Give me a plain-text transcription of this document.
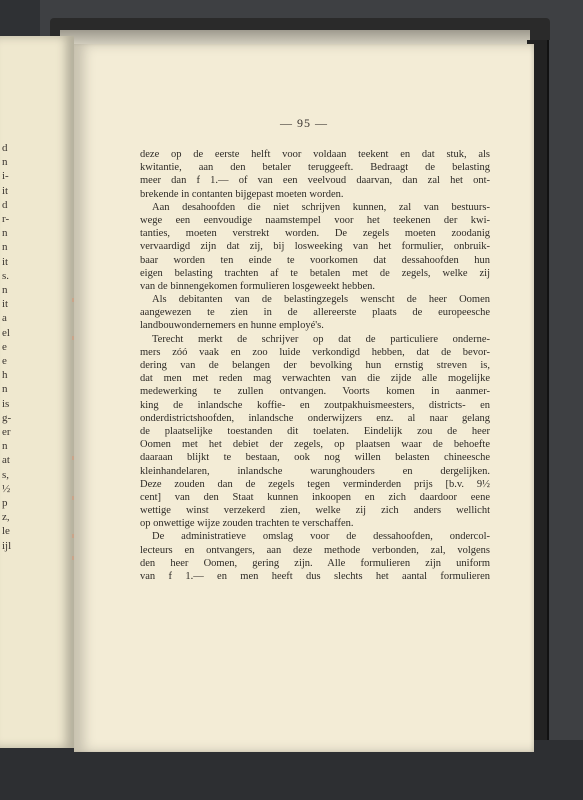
d
n
i-
it
d
r-
n
n
it
s.
n
it
a
el
e
e
h
n
is
g-
er
n
at
s,
½
p
z,
le
ijl
— 95 —
deze op de eerste helft voor voldaan teekent en dat stuk, als
kwitantie, aan den betaler teruggeeft. Bedraagt de belasting
meer dan f 1.— of van een veelvoud daarvan, dan zal het ont-
brekende in contanten bijgepast moeten worden.
Aan desahoofden die niet schrijven kunnen, zal van bestuurs-
wege een eenvoudige naamstempel voor het teekenen der kwi-
tanties, moeten verstrekt worden. De zegels moeten zoodanig
vervaardigd zijn dat zij, bij losweeking van het formulier, onbruik-
baar worden ten einde te voorkomen dat dessahoofden hun
eigen belasting trachten af te betalen met de zegels, welke zij
van de binnengekomen formulieren losgeweekt hebben.
Als debitanten van de belastingzegels wenscht de heer Oomen
aangewezen te zien in de allereerste plaats de europeesche
landbouwondernemers en hunne employé's.
Terecht merkt de schrijver op dat de particuliere onderne-
mers zóó vaak en zoo luide verkondigd hebben, dat de bevor-
dering van de belangen der bevolking hun ernstig streven is,
dat men met reden mag verwachten van die zijde alle mogelijke
medewerking te zullen ontvangen. Voorts komen in aanmer-
king de inlandsche koffie- en zoutpakhuismeesters, districts- en
onderdistrictshoofden, inlandsche onderwijzers enz. al naar gelang
de plaatselijke toestanden dit toelaten. Eindelijk zou de heer
Oomen met het debiet der zegels, op plaatsen waar de behoefte
daaraan blijkt te bestaan, ook nog willen belasten chineesche
kleinhandelaren, inlandsche warunghouders en dergelijken.
Deze zouden dan de zegels tegen verminderden prijs [b.v. 9½
cent] van den Staat kunnen inkoopen en zich daardoor eene
wettige winst verzekerd zien, welke zij zich anders wellicht
op onwettige wijze zouden trachten te verschaffen.
De administratieve omslag voor de dessahoofden, ondercol-
lecteurs en ontvangers, aan deze methode verbonden, zal, volgens
den heer Oomen, gering zijn. Alle formulieren zijn uniform
van f 1.— en men heeft dus slechts het aantal formulieren
